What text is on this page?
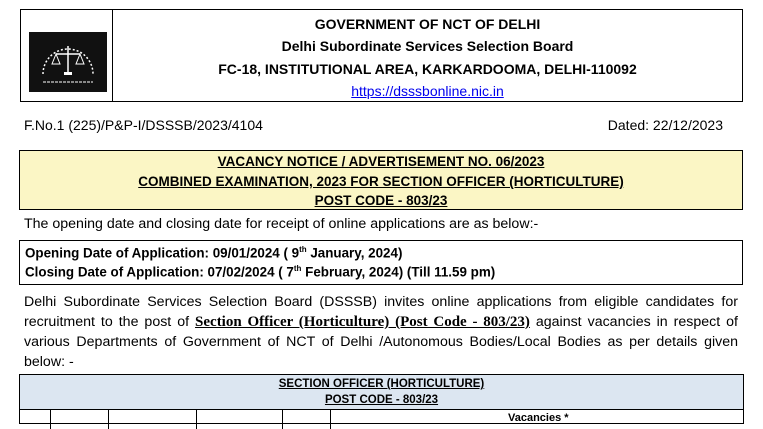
GOVERNMENT OF NCT OF DELHI
Delhi Subordinate Services Selection Board
FC-18, INSTITUTIONAL AREA, KARKARDOOMA, DELHI-110092
https://dsssbonline.nic.in
F.No.1 (225)/P&P-I/DSSSB/2023/4104	Dated: 22/12/2023
VACANCY NOTICE / ADVERTISEMENT NO. 06/2023
COMBINED EXAMINATION, 2023 FOR SECTION OFFICER (HORTICULTURE)
POST CODE - 803/23
The opening date and closing date for receipt of online applications are as below:-
Opening Date of Application: 09/01/2024 ( 9th January, 2024)
Closing Date of Application: 07/02/2024 ( 7th February, 2024) (Till 11.59 pm)
Delhi Subordinate Services Selection Board (DSSSB) invites online applications from eligible candidates for recruitment to the post of Section Officer (Horticulture) (Post Code - 803/23) against vacancies in respect of various Departments of Government of NCT of Delhi /Autonomous Bodies/Local Bodies as per details given below: -
SECTION OFFICER (HORTICULTURE)
POST CODE - 803/23
Vacancies *
